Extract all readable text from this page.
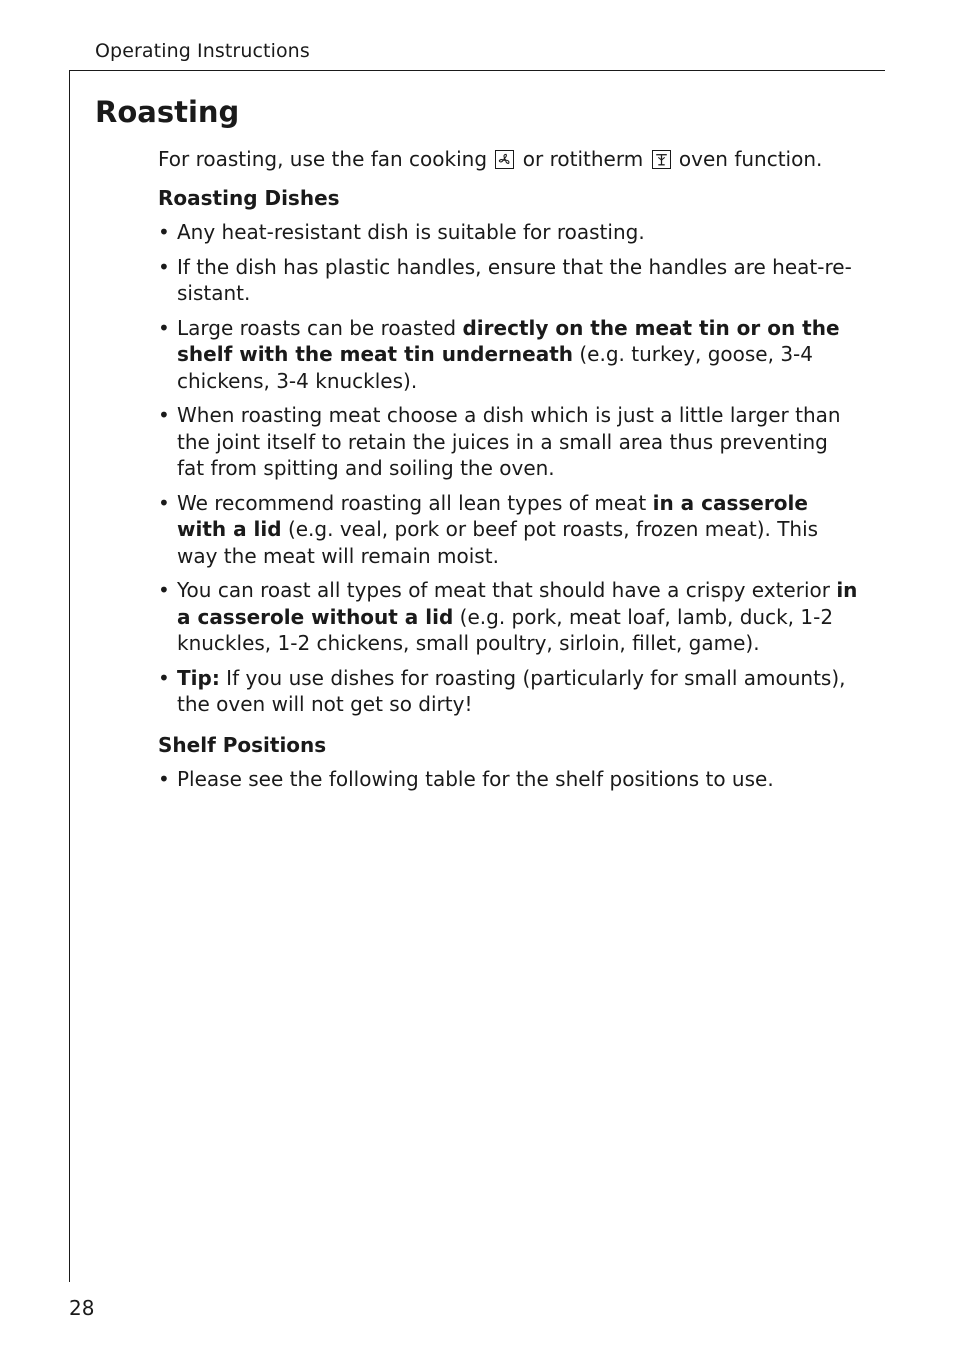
Operating Instructions
Roasting

For roasting, use the fan cooking or rotitherm oven function.

Roasting Dishes

• Any heat-resistant dish is suitable for roasting.
• If the dish has plastic handles, ensure that the handles are heat-re-sistant.
• Large roasts can be roasted directly on the meat tin or on the shelf with the meat tin underneath (e.g. turkey, goose, 3-4 chickens, 3-4 knuckles).
• When roasting meat choose a dish which is just a little larger than the joint itself to retain the juices in a small area thus preventing fat from spitting and soiling the oven.
• We recommend roasting all lean types of meat in a casserole with a lid (e.g. veal, pork or beef pot roasts, frozen meat). This way the meat will remain moist.
• You can roast all types of meat that should have a crispy exterior in a casserole without a lid (e.g. pork, meat loaf, lamb, duck, 1-2 knuckles, 1-2 chickens, small poultry, sirloin, fillet, game).
• Tip: If you use dishes for roasting (particularly for small amounts), the oven will not get so dirty!

Shelf Positions

• Please see the following table for the shelf positions to use.
28
